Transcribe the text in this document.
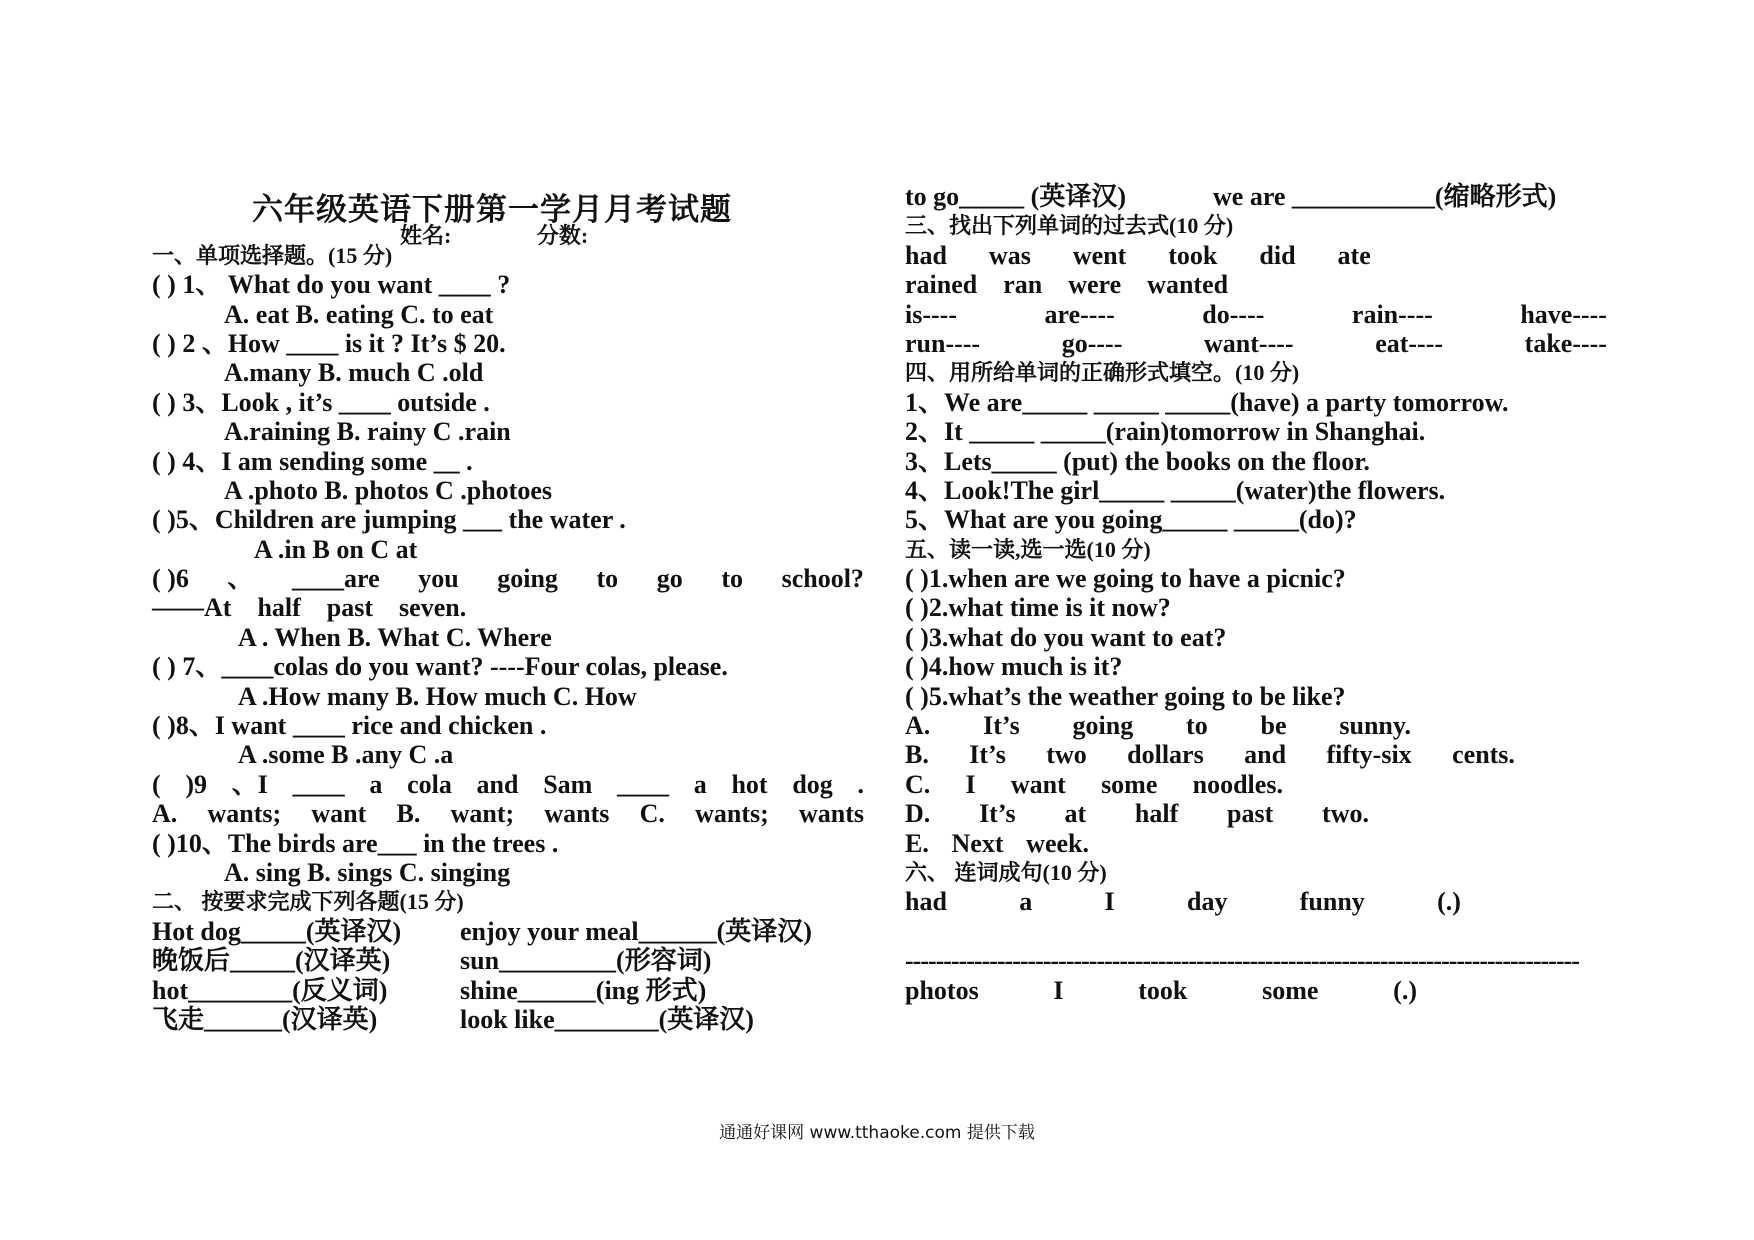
六年级英语下册第一学月月考试题
姓名:	分数:
一、单项选择题。(15 分)
( ) 1、 What do you want ____ ?
A. eat B. eating C. to eat
( ) 2 、How ____ is it ? It’s $ 20.
A.many B. much C .old
( ) 3、Look , it’s ____ outside .
A.raining B. rainy C .rain
( ) 4、I am sending some __ .
A .photo B. photos C .photoes
( )5、Children are jumping ___ the water .
A .in B on C at
( )6 、 ____are you going to go to school?
——At half past seven.
A . When B. What C. Where
( ) 7、____colas do you want? ----Four colas, please.
A .How many B. How much C. How
( )8、I want ____ rice and chicken .
A .some B .any C .a
( )9 、I ____ a cola and Sam ____ a hot dog .
A. wants; want B. want; wants C. wants; wants
( )10、The birds are___ in the trees .
A. sing B. sings C. singing
二、 按要求完成下列各题(15 分)
Hot dog_____(英译汉) enjoy your meal______(英译汉)
晚饭后_____(汉译英)	sun_________(形容词)
hot________(反义词)	shine______(ing 形式)
飞走______(汉译英)	look like________(英译汉)
to go_____ (英译汉)	we are ___________(缩略形式)
三、找出下列单词的过去式(10 分)
had was went took did ate
rained ran were wanted
is----	are----	do----	rain----	have----
run----	go----	want----	eat----	take----
四、用所给单词的正确形式填空。(10 分)
1、We are_____ _____ _____(have) a party tomorrow.
2、It _____ _____(rain)tomorrow in Shanghai.
3、Lets_____ (put) the books on the floor.
4、Look!The girl_____ _____(water)the flowers.
5、What are you going_____ _____(do)?
五、读一读,选一选(10 分)
( )1.when are we going to have a picnic?
( )2.what time is it now?
( )3.what do you want to eat?
( )4.how much is it?
( )5.what’s the weather going to be like?
A. It’s going to be sunny.
B. It’s two dollars and fifty-six cents.
C. I want some noodles.
D. It’s at half past two.
E. Next week.
六、 连词成句(10 分)
had	a	I	day	funny	(.)
----------------------------------------------------------------------------------------
photos	I	took	some	(.)
通通好课网 www.tthaoke.com 提供下载
